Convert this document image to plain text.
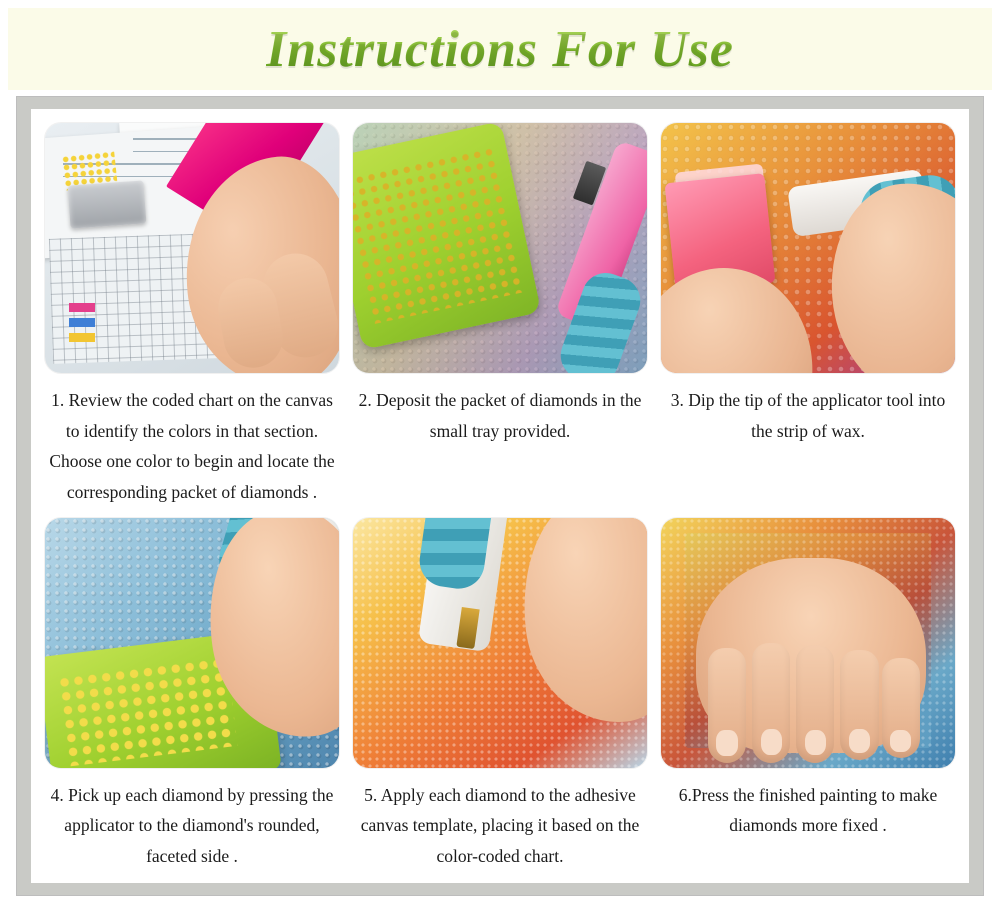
Instructions For Use
1. Review the coded chart on the canvas to identify the colors in that section. Choose one color to begin and locate the corresponding packet of diamonds .
2. Deposit the packet of diamonds in the small tray provided.
3. Dip the tip of the applicator tool into the strip of wax.
4. Pick up each diamond by pressing the applicator to the diamond's rounded, faceted side .
5. Apply each diamond to the adhesive canvas template, placing it based on the color-coded chart.
6.Press the finished painting to make diamonds more fixed .
